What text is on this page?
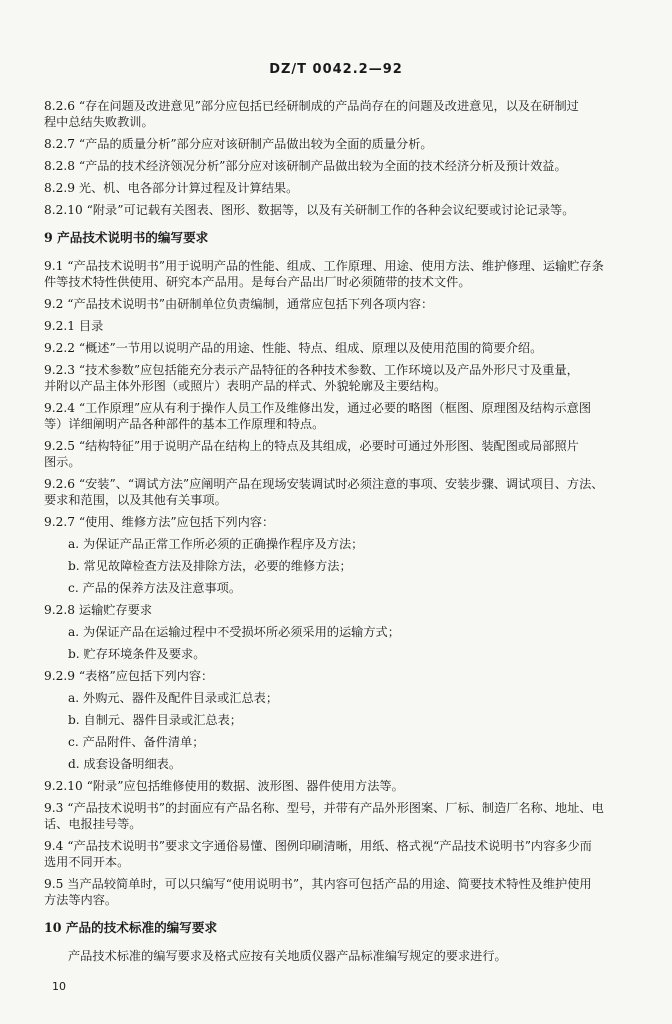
DZ/T 0042.2—92
8.2.6 “存在问题及改进意见”部分应包括已经研制成的产品尚存在的问题及改进意见，以及在研制过
程中总结失败教训。
8.2.7 “产品的质量分析”部分应对该研制产品做出较为全面的质量分析。
8.2.8 “产品的技术经济领况分析”部分应对该研制产品做出较为全面的技术经济分析及预计效益。
8.2.9 光、机、电各部分计算过程及计算结果。
8.2.10 “附录”可记载有关图表、图形、数据等，以及有关研制工作的各种会议纪要或讨论记录等。
9 产品技术说明书的编写要求
9.1 “产品技术说明书”用于说明产品的性能、组成、工作原理、用途、使用方法、维护修理、运输贮存条
件等技术特性供使用、研究本产品用。是每台产品出厂时必须随带的技术文件。
9.2 “产品技术说明书”由研制单位负责编制，通常应包括下列各项内容：
9.2.1 目录
9.2.2 “概述”一节用以说明产品的用途、性能、特点、组成、原理以及使用范围的简要介绍。
9.2.3 “技术参数”应包括能充分表示产品特征的各种技术参数、工作环境以及产品外形尺寸及重量，
并附以产品主体外形图（或照片）表明产品的样式、外貌轮廓及主要结构。
9.2.4 “工作原理”应从有利于操作人员工作及维修出发，通过必要的略图（框图、原理图及结构示意图
等）详细阐明产品各种部件的基本工作原理和特点。
9.2.5 “结构特征”用于说明产品在结构上的特点及其组成，必要时可通过外形图、装配图或局部照片
图示。
9.2.6 “安装”、“调试方法”应阐明产品在现场安装调试时必须注意的事项、安装步骤、调试项目、方法、
要求和范围，以及其他有关事项。
9.2.7 “使用、维修方法”应包括下列内容：
a. 为保证产品正常工作所必须的正确操作程序及方法；
b. 常见故障检查方法及排除方法，必要的维修方法；
c. 产品的保养方法及注意事项。
9.2.8 运输贮存要求
a. 为保证产品在运输过程中不受损坏所必须采用的运输方式；
b. 贮存环境条件及要求。
9.2.9 “表格”应包括下列内容：
a. 外购元、器件及配件目录或汇总表；
b. 自制元、器件目录或汇总表；
c. 产品附件、备件清单；
d. 成套设备明细表。
9.2.10 “附录”应包括维修使用的数据、波形图、器件使用方法等。
9.3 “产品技术说明书”的封面应有产品名称、型号，并带有产品外形图案、厂标、制造厂名称、地址、电
话、电报挂号等。
9.4 “产品技术说明书”要求文字通俗易懂、图例印刷清晰，用纸、格式视“产品技术说明书”内容多少而
选用不同开本。
9.5 当产品较简单时，可以只编写“使用说明书”，其内容可包括产品的用途、简要技术特性及维护使用
方法等内容。
10 产品的技术标准的编写要求
产品技术标准的编写要求及格式应按有关地质仪器产品标准编写规定的要求进行。
10
